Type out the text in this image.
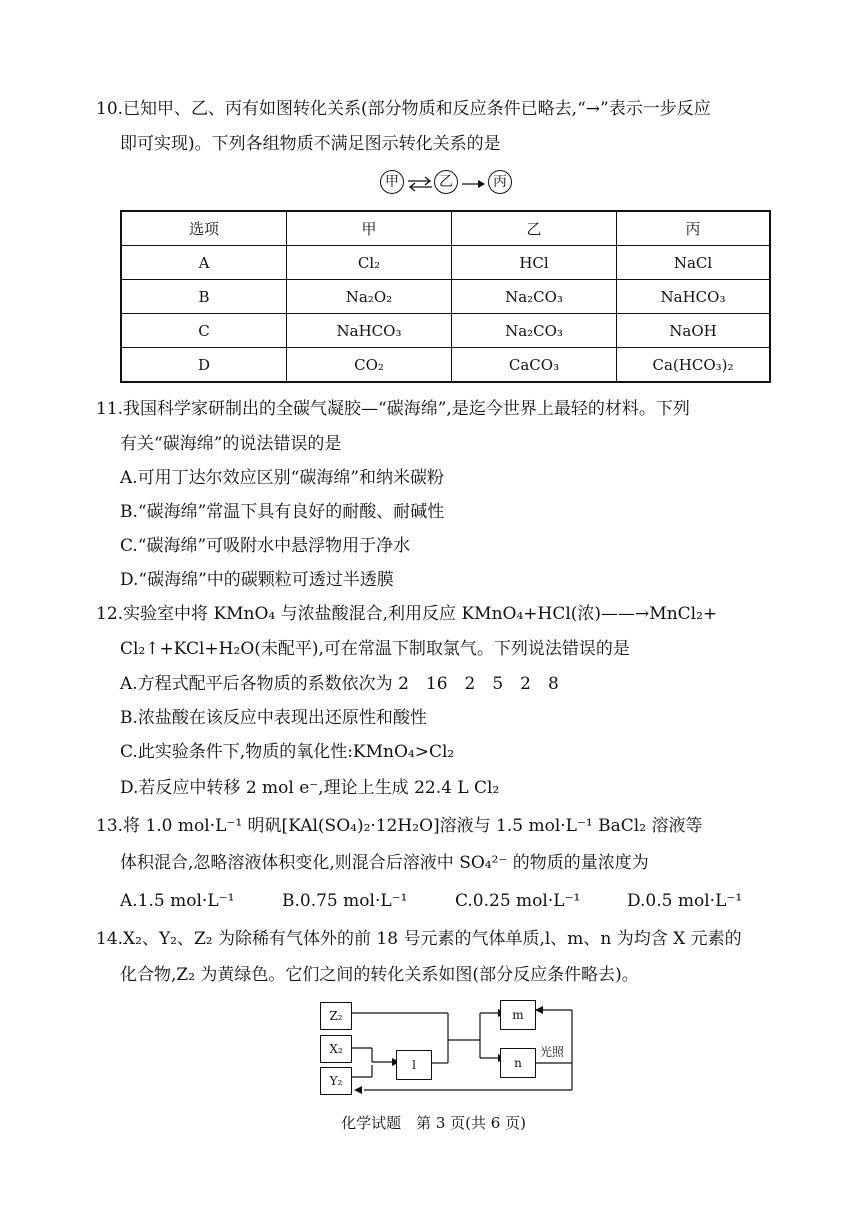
10.已知甲、乙、丙有如图转化关系(部分物质和反应条件已略去,“→”表示一步反应
即可实现)。下列各组物质不满足图示转化关系的是
甲 ⇌ 乙	丙
选项	甲	乙	丙
A	Cl₂	HCl	NaCl
B	Na₂O₂	Na₂CO₃	NaHCO₃
C	NaHCO₃	Na₂CO₃	NaOH
D	CO₂	CaCO₃	Ca(HCO₃)₂
11.我国科学家研制出的全碳气凝胶—“碳海绵”,是迄今世界上最轻的材料。下列
有关“碳海绵”的说法错误的是
A.可用丁达尔效应区别“碳海绵”和纳米碳粉
B.“碳海绵”常温下具有良好的耐酸、耐碱性
C.“碳海绵”可吸附水中悬浮物用于净水
D.“碳海绵”中的碳颗粒可透过半透膜
12.实验室中将 KMnO₄ 与浓盐酸混合,利用反应 KMnO₄+HCl(浓)——→MnCl₂+
Cl₂↑+KCl+H₂O(未配平),可在常温下制取氯气。下列说法错误的是
A.方程式配平后各物质的系数依次为 2　16　2　5　2　8
B.浓盐酸在该反应中表现出还原性和酸性
C.此实验条件下,物质的氧化性:KMnO₄>Cl₂
D.若反应中转移 2 mol e⁻,理论上生成 22.4 L Cl₂
13.将 1.0 mol·L⁻¹ 明矾[KAl(SO₄)₂·12H₂O]溶液与 1.5 mol·L⁻¹ BaCl₂ 溶液等
体积混合,忽略溶液体积变化,则混合后溶液中 SO₄²⁻ 的物质的量浓度为
A.1.5 mol·L⁻¹	B.0.75 mol·L⁻¹	C.0.25 mol·L⁻¹	D.0.5 mol·L⁻¹
14.X₂、Y₂、Z₂ 为除稀有气体外的前 18 号元素的气体单质,l、m、n 为均含 X 元素的
化合物,Z₂ 为黄绿色。它们之间的转化关系如图(部分反应条件略去)。
Z₂
X₂
Y₂
l
m
n
光照
化学试题　第 3 页(共 6 页)
